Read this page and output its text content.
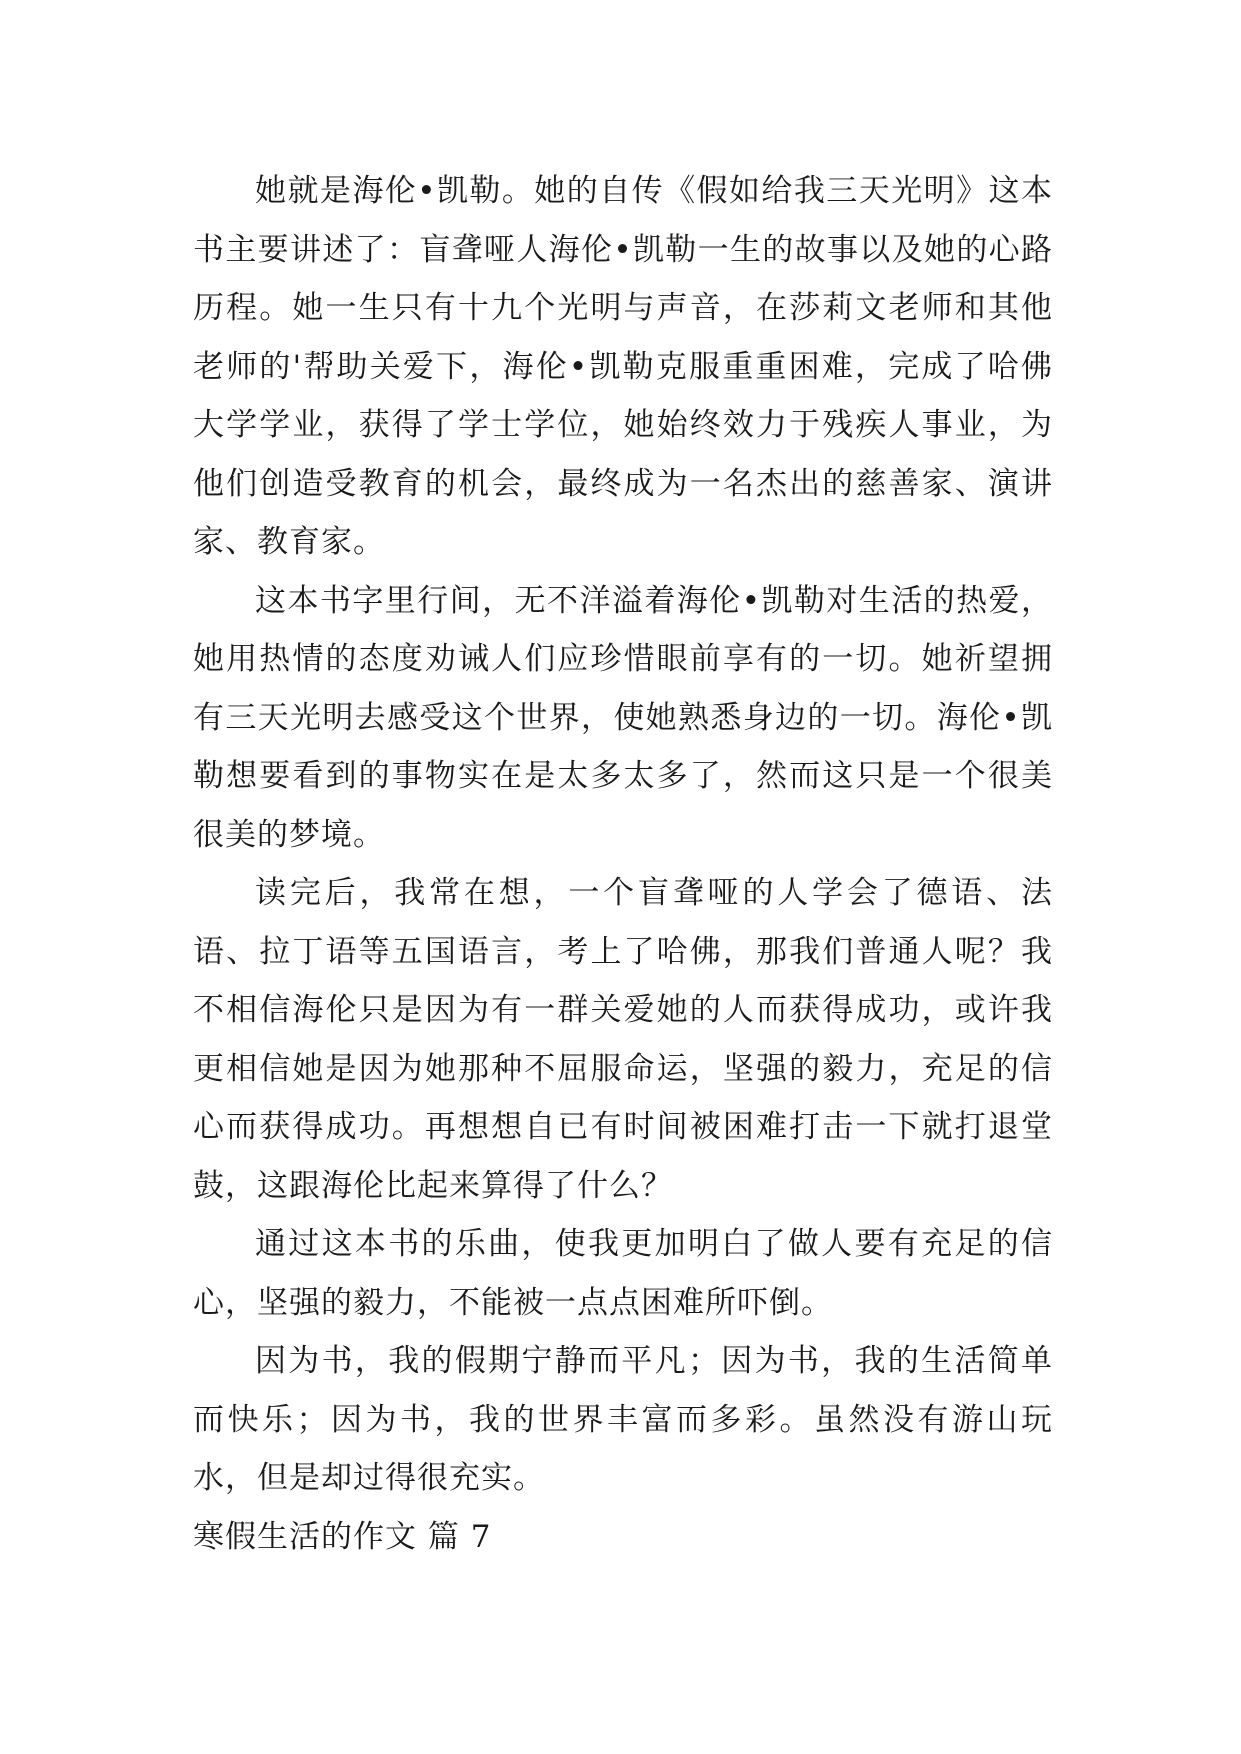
她就是海伦•凯勒。她的自传《假如给我三天光明》这本书主要讲述了：盲聋哑人海伦•凯勒一生的故事以及她的心路历程。她一生只有十九个光明与声音，在莎莉文老师和其他老师的'帮助关爱下，海伦•凯勒克服重重困难，完成了哈佛大学学业，获得了学士学位，她始终效力于残疾人事业，为他们创造受教育的机会，最终成为一名杰出的慈善家、演讲家、教育家。

这本书字里行间，无不洋溢着海伦•凯勒对生活的热爱，她用热情的态度劝诫人们应珍惜眼前享有的一切。她祈望拥有三天光明去感受这个世界，使她熟悉身边的一切。海伦•凯勒想要看到的事物实在是太多太多了，然而这只是一个很美很美的梦境。

读完后，我常在想，一个盲聋哑的人学会了德语、法语、拉丁语等五国语言，考上了哈佛，那我们普通人呢？我不相信海伦只是因为有一群关爱她的人而获得成功，或许我更相信她是因为她那种不屈服命运，坚强的毅力，充足的信心而获得成功。再想想自已有时间被困难打击一下就打退堂鼓，这跟海伦比起来算得了什么？

通过这本书的乐曲，使我更加明白了做人要有充足的信心，坚强的毅力，不能被一点点困难所吓倒。

因为书，我的假期宁静而平凡；因为书，我的生活简单而快乐；因为书，我的世界丰富而多彩。虽然没有游山玩水，但是却过得很充实。

寒假生活的作文 篇 7
